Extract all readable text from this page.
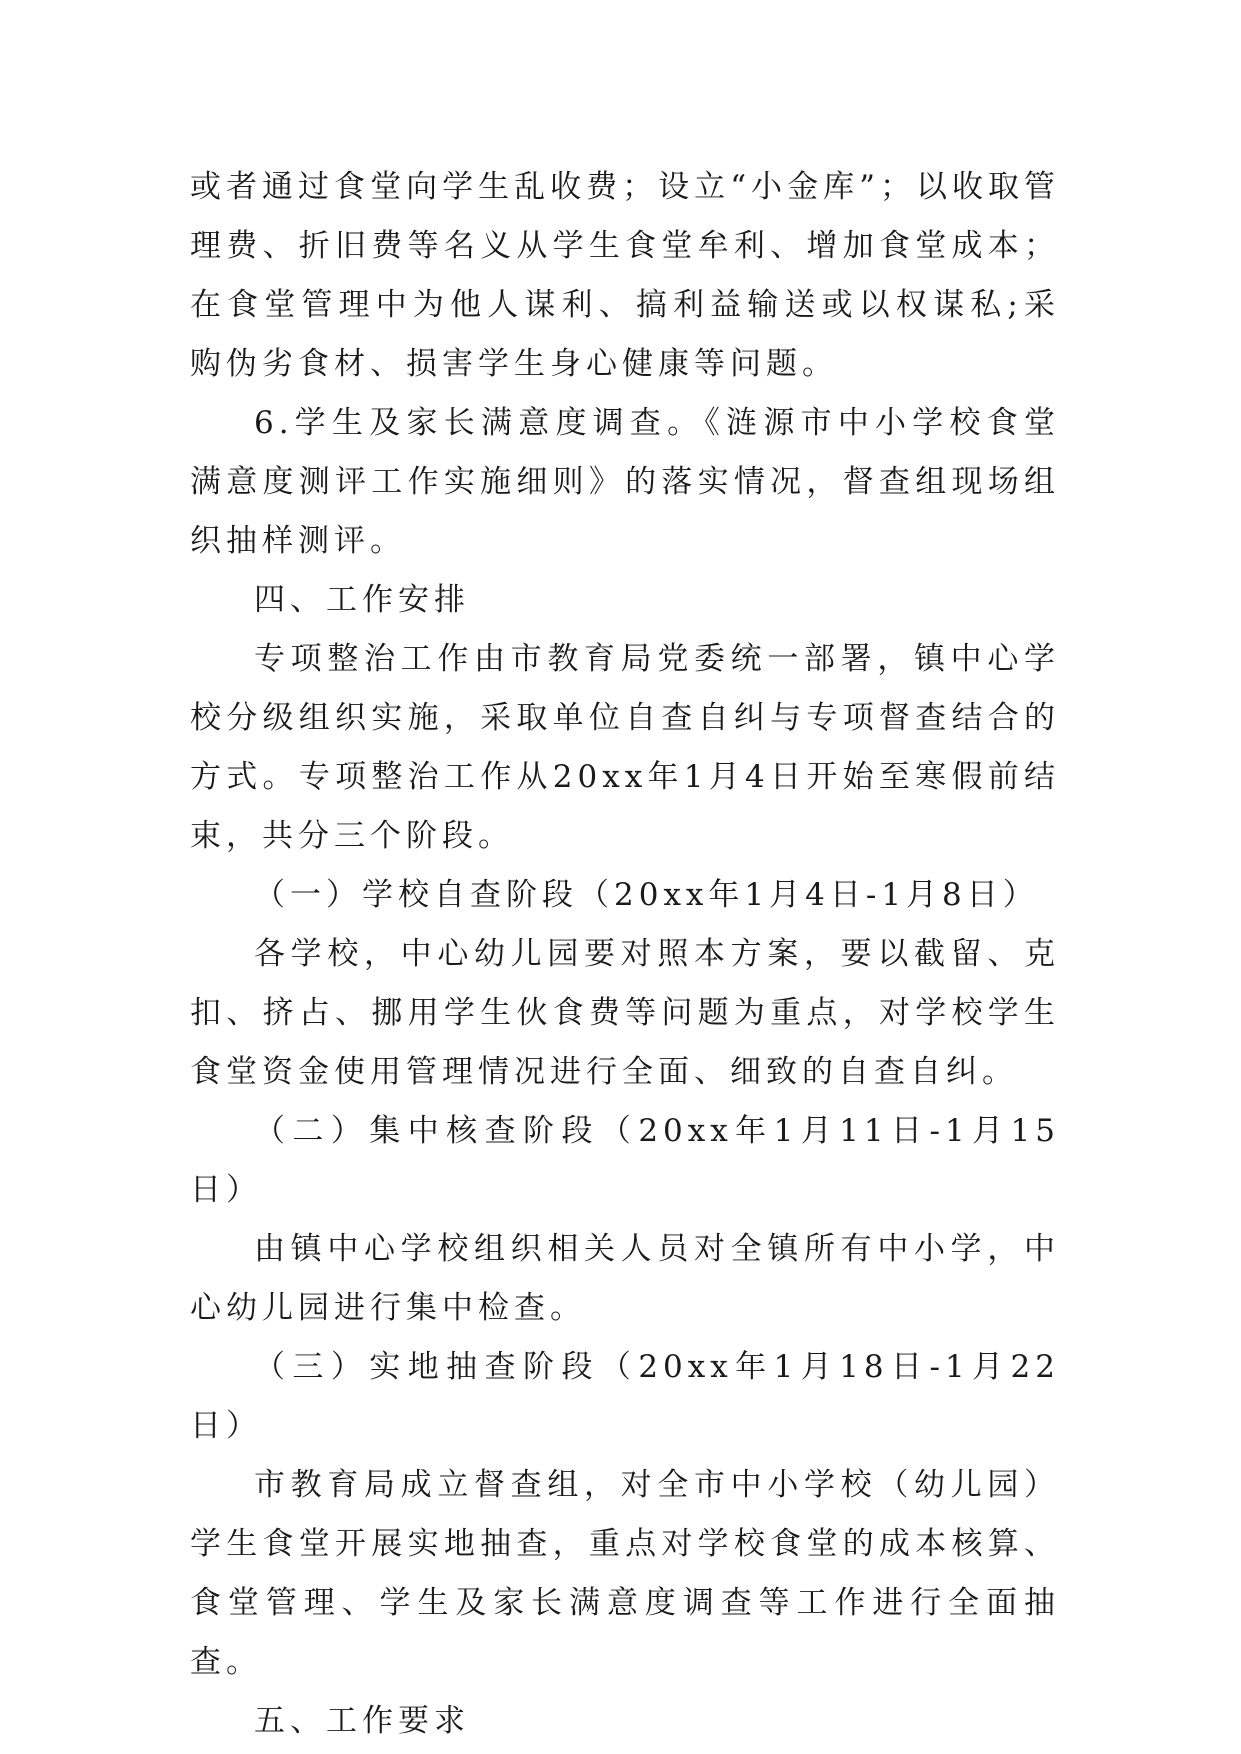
或者通过食堂向学生乱收费；设立“小金库”；以收取管理费、折旧费等名义从学生食堂牟利、增加食堂成本；在食堂管理中为他人谋利、搞利益输送或以权谋私;采购伪劣食材、损害学生身心健康等问题。

6.学生及家长满意度调查。《涟源市中小学校食堂满意度测评工作实施细则》的落实情况，督查组现场组织抽样测评。

四、工作安排

专项整治工作由市教育局党委统一部署，镇中心学校分级组织实施，采取单位自查自纠与专项督查结合的方式。专项整治工作从20xx年1月4日开始至寒假前结束，共分三个阶段。

（一）学校自查阶段（20xx年1月4日-1月8日）

各学校，中心幼儿园要对照本方案，要以截留、克扣、挤占、挪用学生伙食费等问题为重点，对学校学生食堂资金使用管理情况进行全面、细致的自查自纠。

（二）集中核查阶段（20xx年1月11日-1月15日）

由镇中心学校组织相关人员对全镇所有中小学，中心幼儿园进行集中检查。

（三）实地抽查阶段（20xx年1月18日-1月22日）

市教育局成立督查组，对全市中小学校（幼儿园）学生食堂开展实地抽查，重点对学校食堂的成本核算、食堂管理、学生及家长满意度调查等工作进行全面抽查。

五、工作要求
